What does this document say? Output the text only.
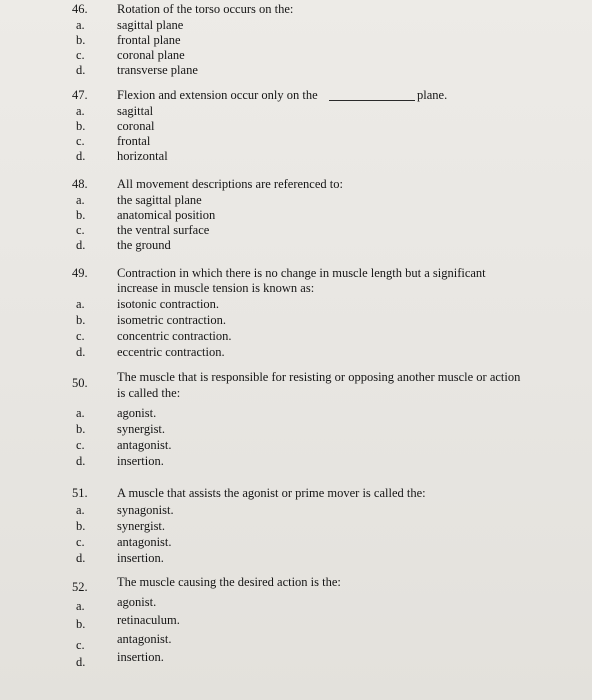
46. Rotation of the torso occurs on the:
a.	sagittal plane
b.	frontal plane
c.	coronal plane
d.	transverse plane
47. Flexion and extension occur only on the	plane.
a.	sagittal
b.	coronal
c.	frontal
d.	horizontal
48. All movement descriptions are referenced to:
a.	the sagittal plane
b.	anatomical position
c.	the ventral surface
d.	the ground
49. Contraction in which there is no change in muscle length but a significant
increase in muscle tension is known as:
a.	isotonic contraction.
b.	isometric contraction.
c.	concentric contraction.
d.	eccentric contraction.
50. The muscle that is responsible for resisting or opposing another muscle or action
is called the:
a.	agonist.
b.	synergist.
c.	antagonist.
d.	insertion.
51. A muscle that assists the agonist or prime mover is called the:
a.	synagonist.
b.	synergist.
c.	antagonist.
d.	insertion.
52. The muscle causing the desired action is the:
a.	agonist.
b.	retinaculum.
c.	antagonist.
d.	insertion.
